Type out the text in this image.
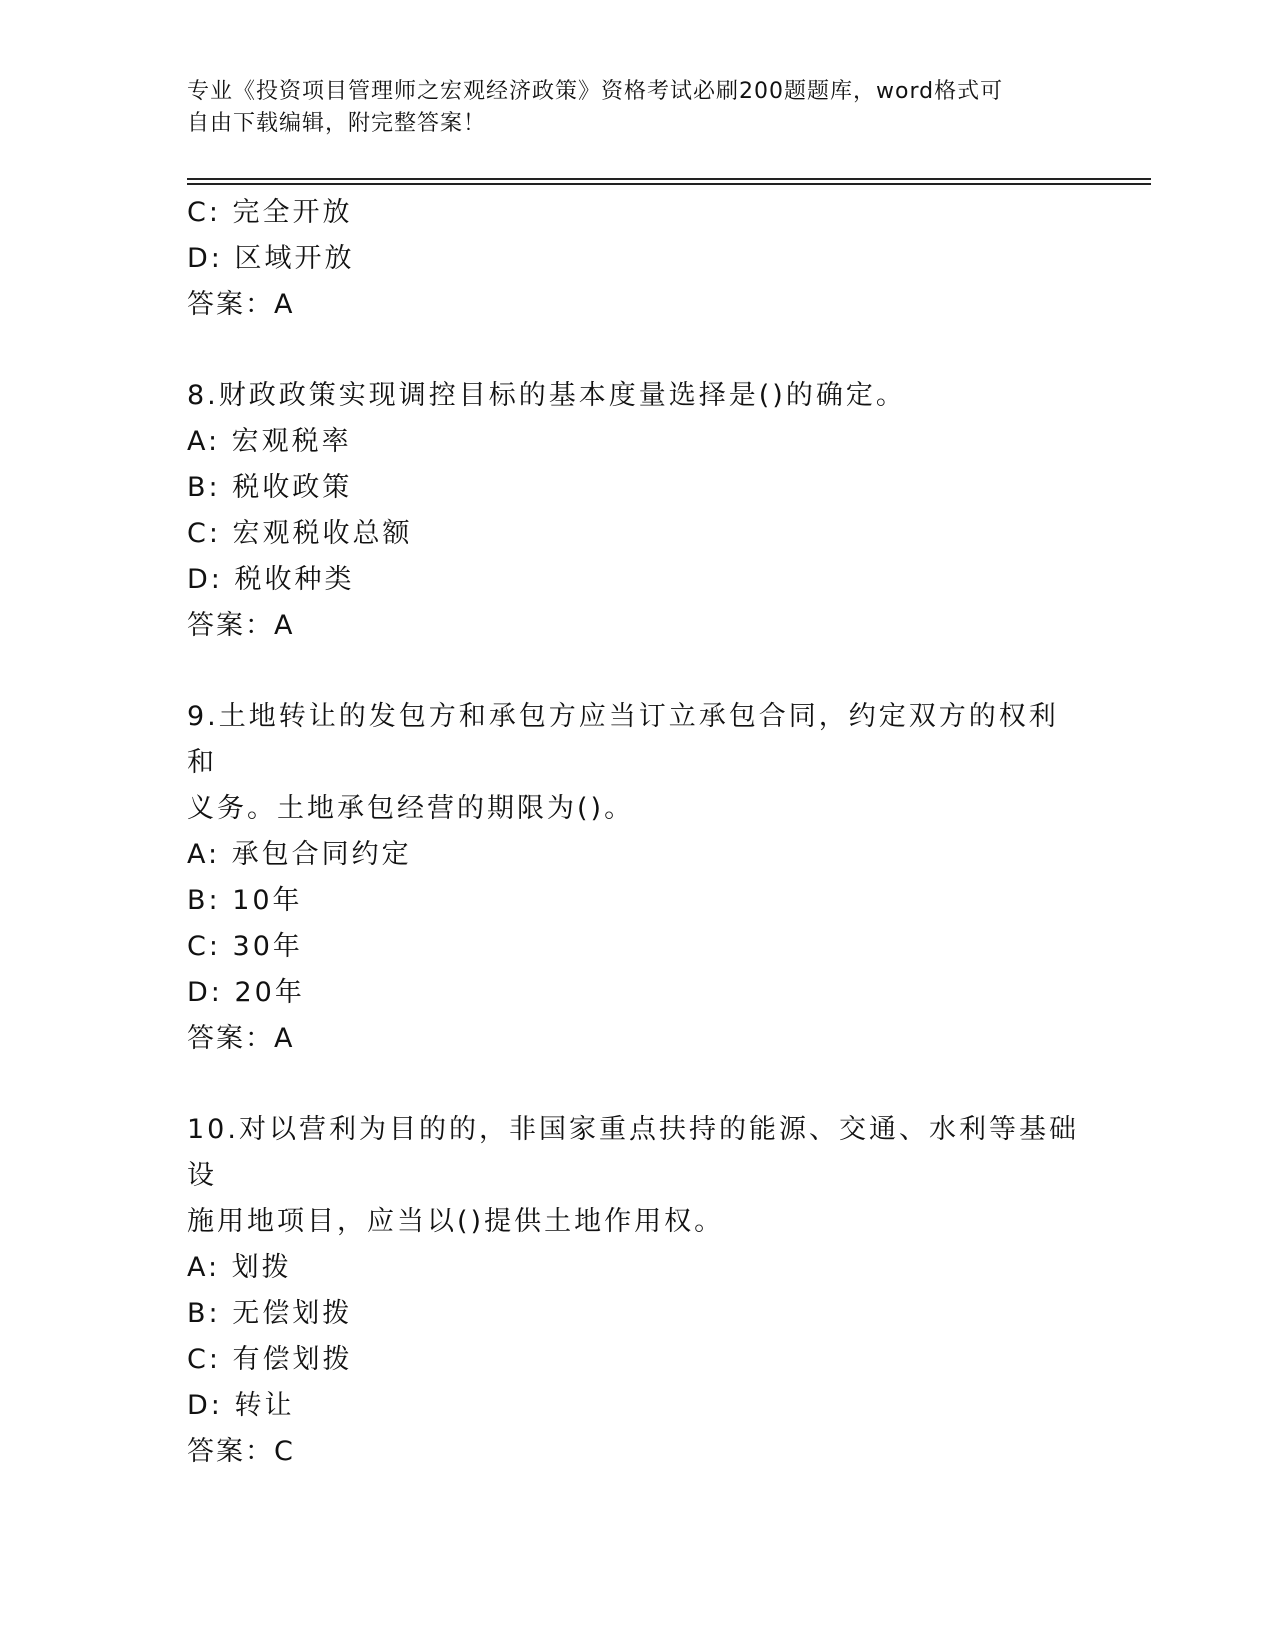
专业《投资项目管理师之宏观经济政策》资格考试必刷200题题库，word格式可
自由下载编辑，附完整答案！
C: 完全开放
D: 区域开放
答案：A
8.财政政策实现调控目标的基本度量选择是()的确定。
A: 宏观税率
B: 税收政策
C: 宏观税收总额
D: 税收种类
答案：A
9.土地转让的发包方和承包方应当订立承包合同，约定双方的权利和
义务。土地承包经营的期限为()。
A: 承包合同约定
B: 10年
C: 30年
D: 20年
答案：A
10.对以营利为目的的，非国家重点扶持的能源、交通、水利等基础设
施用地项目，应当以()提供土地作用权。
A: 划拨
B: 无偿划拨
C: 有偿划拨
D: 转让
答案：C
